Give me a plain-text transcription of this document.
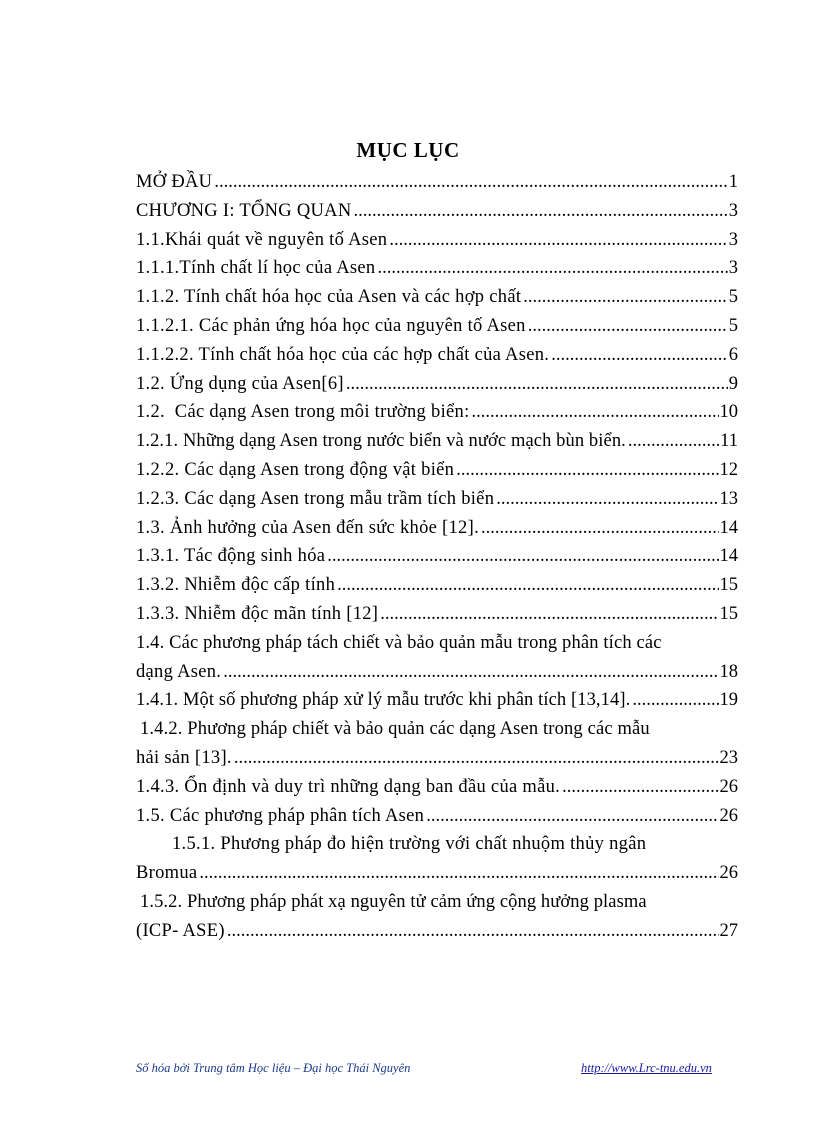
MỤC LỤC
MỞ ĐẦU .....	1
CHƯƠNG I: TỔNG QUAN .....	3
1.1.Khái quát về nguyên tố Asen .....	3
1.1.1.Tính chất lí học của Asen .....	3
1.1.2. Tính chất hóa học của Asen và các hợp chất .....	5
1.1.2.1. Các phản ứng hóa học của nguyên tố Asen .....	5
1.1.2.2. Tính chất hóa học của các hợp chất của Asen. .....	6
1.2. Ứng dụng của Asen[6] .....	9
1.2.  Các dạng Asen trong môi trường biển: .....	10
1.2.1. Những dạng Asen trong nước biển và nước mạch bùn biển. .....	11
1.2.2. Các dạng Asen trong động vật biển .....	12
1.2.3. Các dạng Asen trong mẫu trầm tích biển .....	13
1.3. Ảnh hưởng của Asen đến sức khỏe [12]. .....	14
1.3.1. Tác động sinh hóa .....	14
1.3.2. Nhiễm độc cấp tính .....	15
1.3.3. Nhiễm độc mãn tính [12] .....	15
1.4. Các phương pháp tách chiết và bảo quản mẫu trong phân tích các
dạng Asen. .....	18
1.4.1. Một số phương pháp xử lý mẫu trước khi phân tích [13,14]. .....	19
1.4.2. Phương pháp chiết và bảo quản các dạng Asen trong các mẫu
hải sản [13]. .....	23
1.4.3. Ổn định và duy trì những dạng ban đầu của mẫu. .....	26
1.5. Các phương pháp phân tích Asen .....	26
1.5.1. Phương pháp đo hiện trường với chất nhuộm thủy ngân
Bromua .....	26
1.5.2. Phương pháp phát xạ nguyên tử cảm ứng cộng hưởng plasma
(ICP- ASE) .....	27
Số hóa bởi Trung tâm Học liệu – Đại học Thái Nguyên	http://www.Lrc-tnu.edu.vn
